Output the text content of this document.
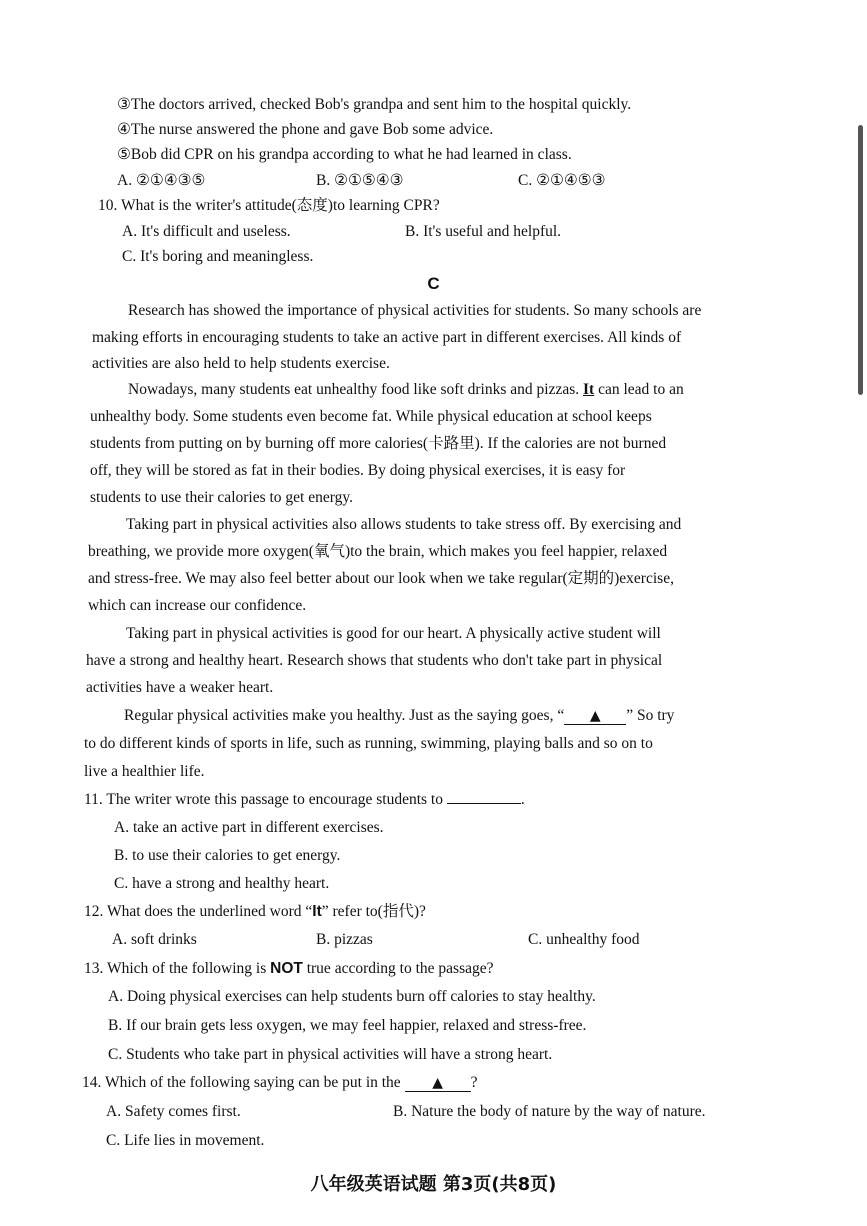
③The doctors arrived, checked Bob's grandpa and sent him to the hospital quickly.
④The nurse answered the phone and gave Bob some advice.
⑤Bob did CPR on his grandpa according to what he had learned in class.
A. ②①④③⑤	B. ②①⑤④③	C. ②①④⑤③
10. What is the writer's attitude(态度)to learning CPR?
A. It's difficult and useless.	B. It's useful and helpful.
C. It's boring and meaningless.
C
Research has showed the importance of physical activities for students. So many schools are
making efforts in encouraging students to take an active part in different exercises. All kinds of
activities are also held to help students exercise.
Nowadays, many students eat unhealthy food like soft drinks and pizzas. It can lead to an
unhealthy body. Some students even become fat. While physical education at school keeps
students from putting on by burning off more calories(卡路里). If the calories are not burned
off, they will be stored as fat in their bodies. By doing physical exercises, it is easy for
students to use their calories to get energy.
Taking part in physical activities also allows students to take stress off. By exercising and
breathing, we provide more oxygen(氧气)to the brain, which makes you feel happier, relaxed
and stress-free. We may also feel better about our look when we take regular(定期的)exercise,
which can increase our confidence.
Taking part in physical activities is good for our heart. A physically active student will
have a strong and healthy heart. Research shows that students who don't take part in physical
activities have a weaker heart.
Regular physical activities make you healthy. Just as the saying goes, “ ▲ ” So try
to do different kinds of sports in life, such as running, swimming, playing balls and so on to
live a healthier life.
11. The writer wrote this passage to encourage students to	.
A. take an active part in different exercises.
B. to use their calories to get energy.
C. have a strong and healthy heart.
12. What does the underlined word “It” refer to(指代)?
A. soft drinks	B. pizzas	C. unhealthy food
13. Which of the following is NOT true according to the passage?
A. Doing physical exercises can help students burn off calories to stay healthy.
B. If our brain gets less oxygen, we may feel happier, relaxed and stress-free.
C. Students who take part in physical activities will have a strong heart.
14. Which of the following saying can be put in the ▲ ?
A. Safety comes first.	B. Nature the body of nature by the way of nature.
C. Life lies in movement.
八年级英语试题 第3页(共8页)
